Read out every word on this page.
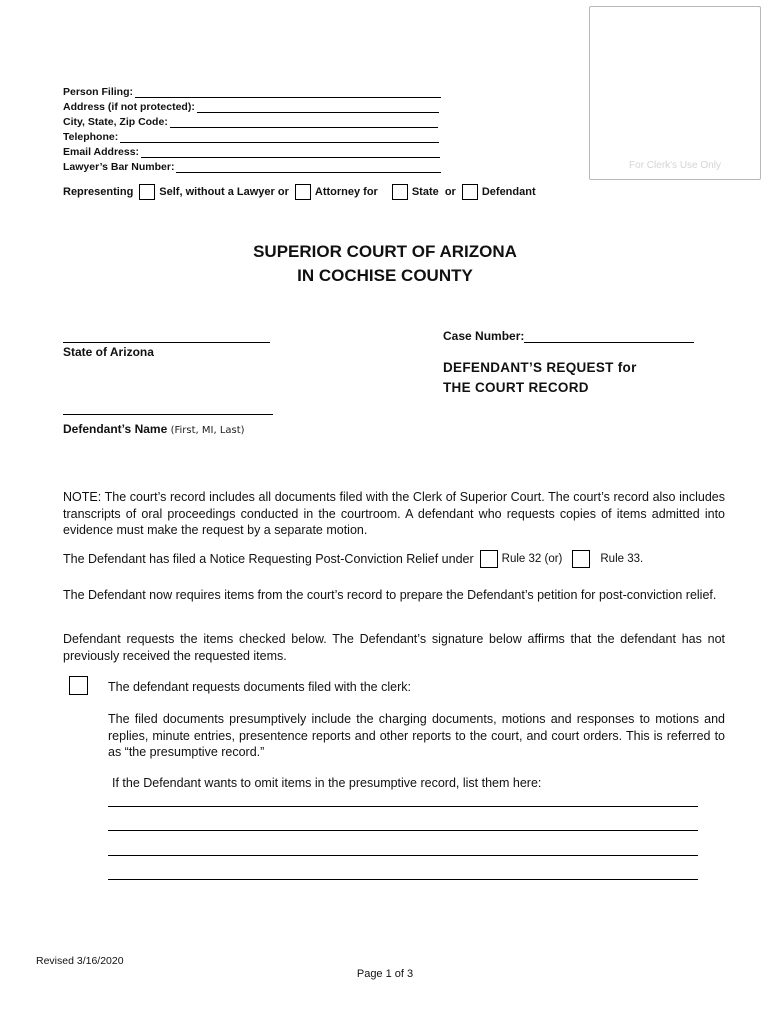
For Clerk's Use Only
Person Filing:
Address (if not protected):
City, State, Zip Code:
Telephone:
Email Address:
Lawyer’s Bar Number:
Representing Self, without a Lawyer or Attorney for	State  or Defendant
SUPERIOR COURT OF ARIZONA
IN COCHISE COUNTY
State of Arizona
Defendant’s Name (First, MI, Last)
Case Number:
DEFENDANT’S REQUEST for
THE COURT RECORD
NOTE: The court’s record includes all documents filed with the Clerk of Superior Court. The court’s record also includes transcripts of oral proceedings conducted in the courtroom. A defendant who requests copies of items admitted into evidence must make the request by a separate motion.
The Defendant has filed a Notice Requesting Post-Conviction Relief under Rule 32 (or)	Rule 33.
The Defendant now requires items from the court’s record to prepare the Defendant’s petition for post-conviction relief.
Defendant requests the items checked below. The Defendant’s signature below affirms that the defendant has not previously received the requested items.
The defendant requests documents filed with the clerk:
The filed documents presumptively include the charging documents, motions and responses to motions and replies, minute entries, presentence reports and other reports to the court, and court orders. This is referred to as “the presumptive record.”
If the Defendant wants to omit items in the presumptive record, list them here:
Revised 3/16/2020
Page 1 of 3
